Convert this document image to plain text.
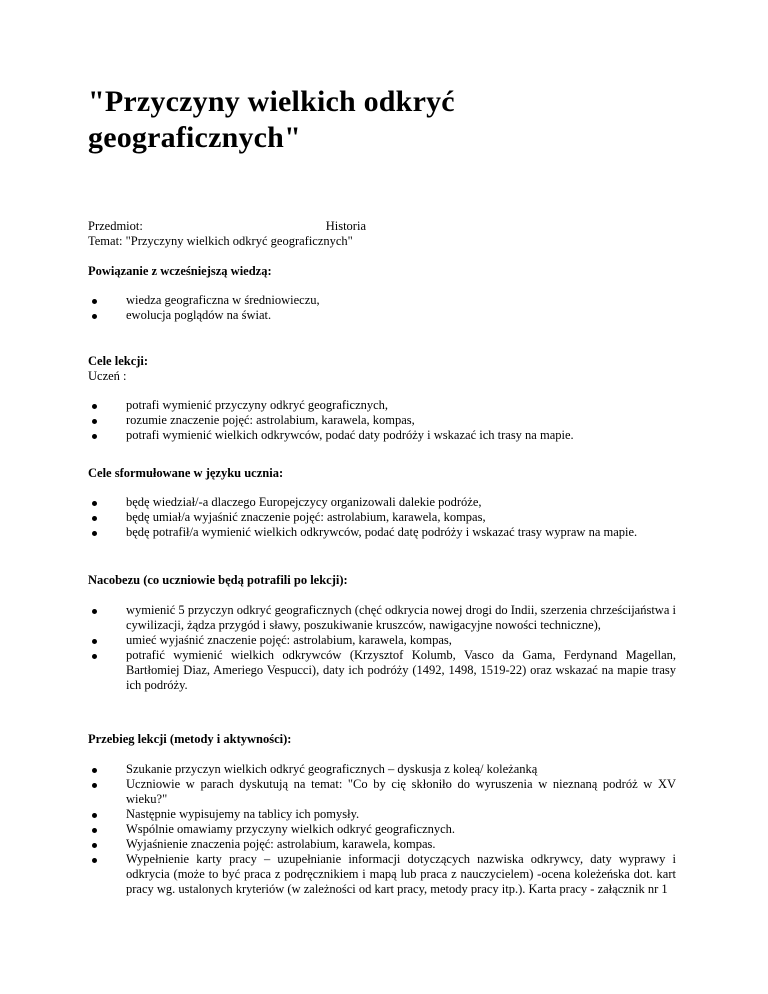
"Przyczyny wielkich odkryć geograficznych"
Przedmiot:	Historia
Temat: "Przyczyny wielkich odkryć geograficznych"

Powiązanie z wcześniejszą wiedzą:

wiedza geograficzna w średniowieczu,
ewolucja poglądów na świat.

Cele lekcji:

Uczeń :
potrafi wymienić przyczyny odkryć geograficznych,
rozumie znaczenie pojęć: astrolabium, karawela, kompas,
potrafi wymienić wielkich odkrywców, podać daty podróży i wskazać ich trasy na mapie.

Cele sformułowane w języku ucznia:

będę wiedział/-a dlaczego Europejczycy organizowali dalekie podróże,
będę umiał/a wyjaśnić znaczenie pojęć: astrolabium, karawela, kompas,
będę potrafił/a wymienić wielkich odkrywców, podać datę podróży i wskazać trasy wypraw na mapie.

Nacobezu (co uczniowie będą potrafili po lekcji):

wymienić 5 przyczyn odkryć geograficznych (chęć odkrycia nowej drogi do Indii, szerzenia chrześcijaństwa i cywilizacji, żądza przygód i sławy, poszukiwanie kruszców, nawigacyjne nowości techniczne),
umieć wyjaśnić znaczenie pojęć: astrolabium, karawela, kompas,
potrafić wymienić wielkich odkrywców (Krzysztof Kolumb, Vasco da Gama, Ferdynand Magellan, Bartłomiej Diaz, Ameriego Vespucci), daty ich podróży (1492, 1498, 1519-22) oraz wskazać na mapie trasy ich podróży.

Przebieg lekcji (metody i aktywności):

Szukanie przyczyn wielkich odkryć geograficznych – dyskusja z koleą/ koleżanką
Uczniowie w parach dyskutują na temat: "Co by cię skłoniło do wyruszenia w nieznaną podróż w XV wieku?"
Następnie wypisujemy na tablicy ich pomysły.
Wspólnie omawiamy przyczyny wielkich odkryć geograficznych.
Wyjaśnienie znaczenia pojęć: astrolabium, karawela, kompas.
Wypełnienie karty pracy – uzupełnianie informacji dotyczących nazwiska odkrywcy, daty wyprawy i odkrycia (może to być praca z podręcznikiem i mapą lub praca z nauczycielem) -ocena koleżeńska dot. kart pracy wg. ustalonych kryteriów (w zależności od kart pracy, metody pracy itp.). Karta pracy - załącznik nr 1
